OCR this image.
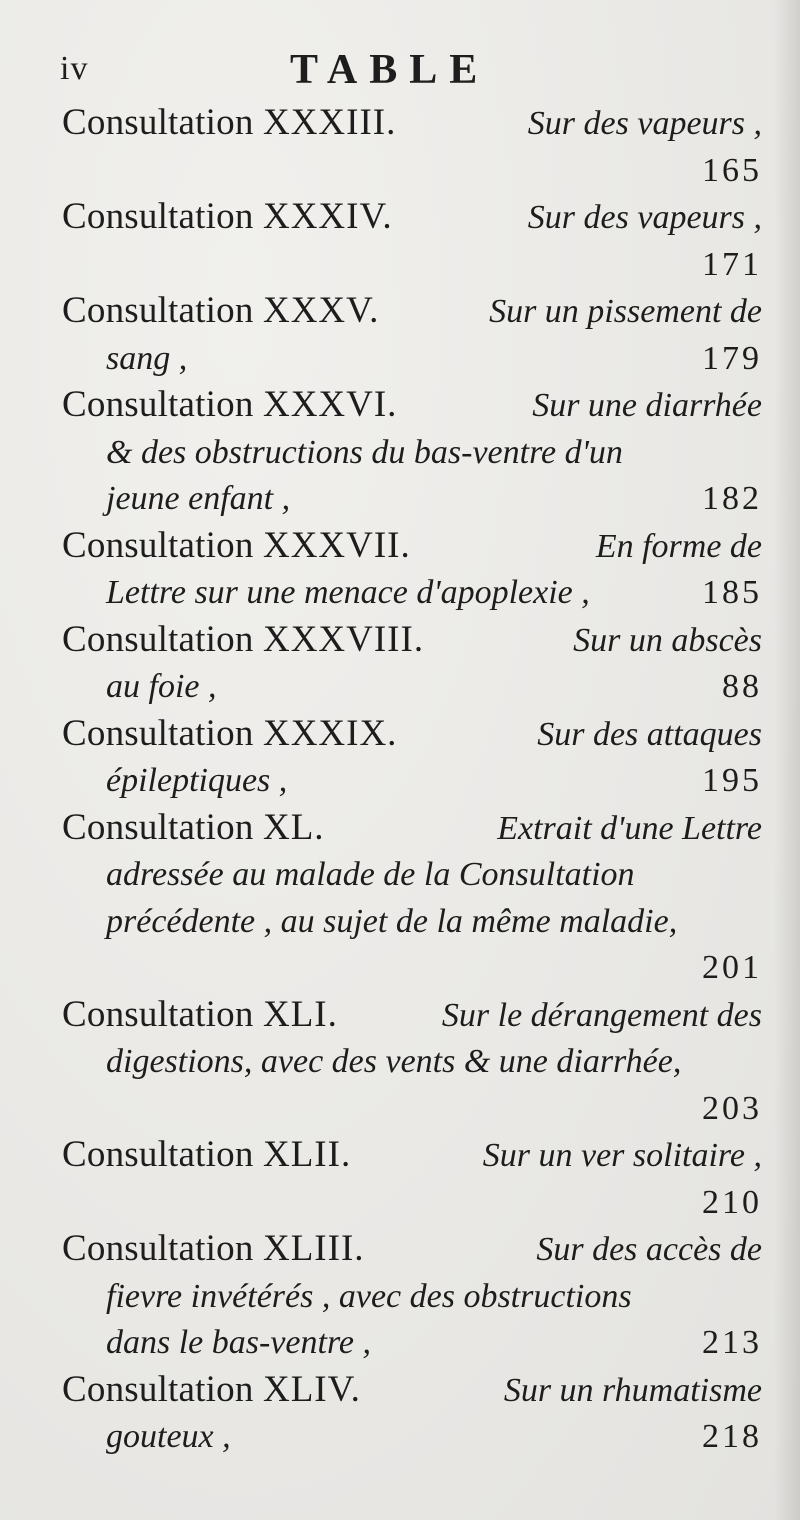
iv	TABLE
Consultation XXXIII.	Sur des vapeurs ,
165
Consultation XXXIV.	Sur des vapeurs ,
171
Consultation XXXV.	Sur un pissement de
sang ,	179
Consultation XXXVI.	Sur une diarrhée
& des obstructions du bas-ventre d'un
jeune enfant ,	182
Consultation XXXVII.	En forme de
Lettre sur une menace d'apoplexie ,	185
Consultation XXXVIII.	Sur un abscès
au foie ,	88
Consultation XXXIX.	Sur des attaques
épileptiques ,	195
Consultation XL.	Extrait d'une Lettre
adressée au malade de la Consultation
précédente , au sujet de la même maladie,
201
Consultation XLI.	Sur le dérangement des
digestions, avec des vents & une diarrhée,
203
Consultation XLII.	Sur un ver solitaire ,
210
Consultation XLIII.	Sur des accès de
fievre invétérés , avec des obstructions
dans le bas-ventre ,	213
Consultation XLIV.	Sur un rhumatisme
gouteux ,	218
